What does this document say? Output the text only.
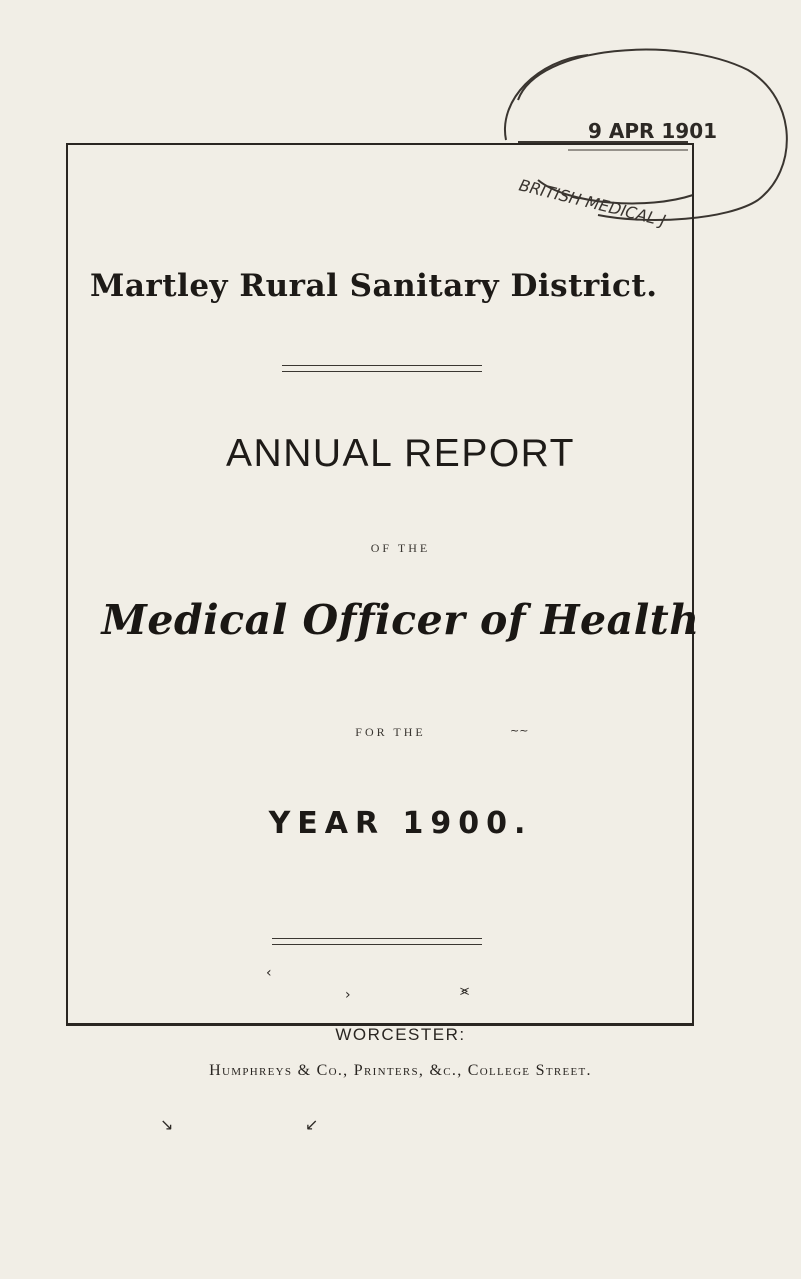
9 APR 1901
BRITISH MEDICAL J
Martley Rural Sanitary District.
ANNUAL REPORT
OF THE
Medical Officer of Health
FOR THE	~~
YEAR 1900.
‹
›	⪤
WORCESTER:
Humphreys & Co., Printers, &c., College Street.
↘	↙
